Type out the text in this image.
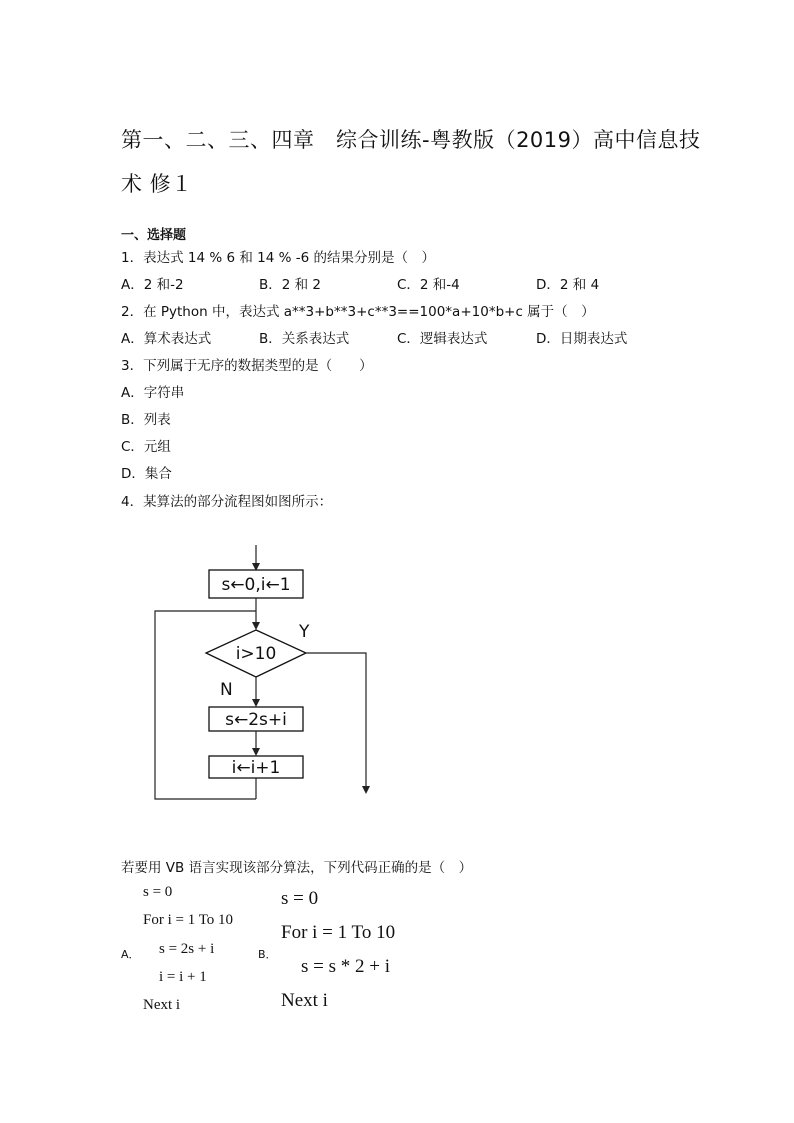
第一、二、三、四章　综合训练-粤教版（2019）高中信息技
术 修１
一、选择题
1．表达式 14 % 6 和 14 % -6 的结果分别是（　）
A．2 和-2	B．2 和 2	C．2 和-4	D．2 和 4
2．在 Python 中，表达式 a**3+b**3+c**3==100*a+10*b+c 属于（　）
A．算术表达式	B．关系表达式	C．逻辑表达式	D．日期表达式
3．下列属于无序的数据类型的是（　　）
A．字符串
B．列表
C．元组
D．集合
4．某算法的部分流程图如图所示：
s←0,i←1
i>10
Y
N
s←2s+i
i←i+1
若要用 VB 语言实现该部分算法，下列代码正确的是（　）
A．
s = 0
For i = 1 To 10
s = 2s + i
i = i + 1
Next i
B．
s = 0
For i = 1 To 10
s = s * 2 + i
Next i
